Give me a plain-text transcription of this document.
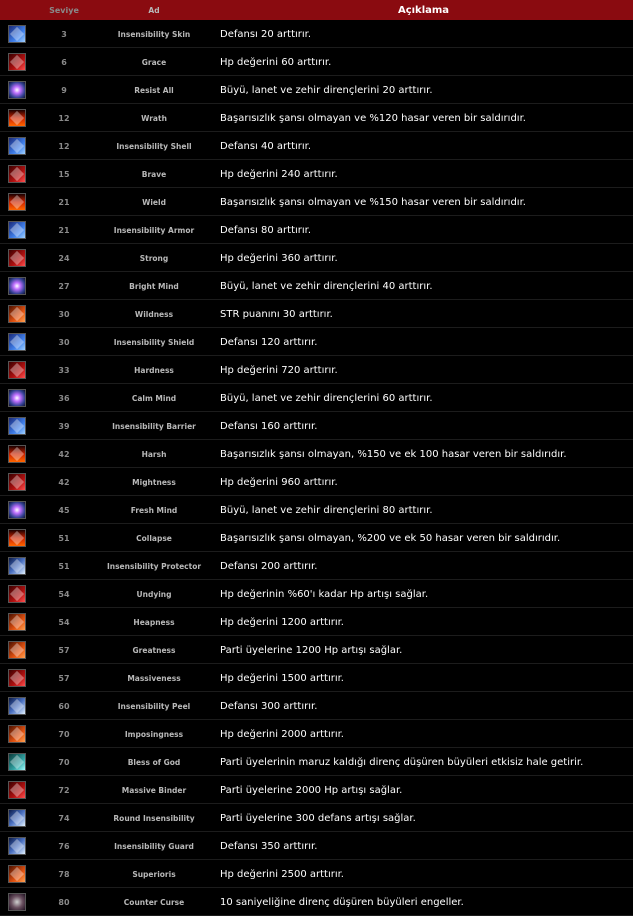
Seviye	Ad	Açıklama
3	Insensibility Skin	Defansı 20 arttırır.
6	Grace	Hp değerini 60 arttırır.
9	Resist All	Büyü, lanet ve zehir dirençlerini 20 arttırır.
12	Wrath	Başarısızlık şansı olmayan ve %120 hasar veren bir saldırıdır.
12	Insensibility Shell	Defansı 40 arttırır.
15	Brave	Hp değerini 240 arttırır.
21	Wield	Başarısızlık şansı olmayan ve %150 hasar veren bir saldırıdır.
21	Insensibility Armor	Defansı 80 arttırır.
24	Strong	Hp değerini 360 arttırır.
27	Bright Mind	Büyü, lanet ve zehir dirençlerini 40 arttırır.
30	Wildness	STR puanını 30 arttırır.
30	Insensibility Shield	Defansı 120 arttırır.
33	Hardness	Hp değerini 720 arttırır.
36	Calm Mind	Büyü, lanet ve zehir dirençlerini 60 arttırır.
39	Insensibility Barrier	Defansı 160 arttırır.
42	Harsh	Başarısızlık şansı olmayan, %150 ve ek 100 hasar veren bir saldırıdır.
42	Mightness	Hp değerini 960 arttırır.
45	Fresh Mind	Büyü, lanet ve zehir dirençlerini 80 arttırır.
51	Collapse	Başarısızlık şansı olmayan, %200 ve ek 50 hasar veren bir saldırıdır.
51	Insensibility Protector	Defansı 200 arttırır.
54	Undying	Hp değerinin %60'ı kadar Hp artışı sağlar.
54	Heapness	Hp değerini 1200 arttırır.
57	Greatness	Parti üyelerine 1200 Hp artışı sağlar.
57	Massiveness	Hp değerini 1500 arttırır.
60	Insensibility Peel	Defansı 300 arttırır.
70	Imposingness	Hp değerini 2000 arttırır.
70	Bless of God	Parti üyelerinin maruz kaldığı direnç düşüren büyüleri etkisiz hale getirir.
72	Massive Binder	Parti üyelerine 2000 Hp artışı sağlar.
74	Round Insensibility	Parti üyelerine 300 defans artışı sağlar.
76	Insensibility Guard	Defansı 350 arttırır.
78	Superioris	Hp değerini 2500 arttırır.
80	Counter Curse	10 saniyeliğine direnç düşüren büyüleri engeller.
